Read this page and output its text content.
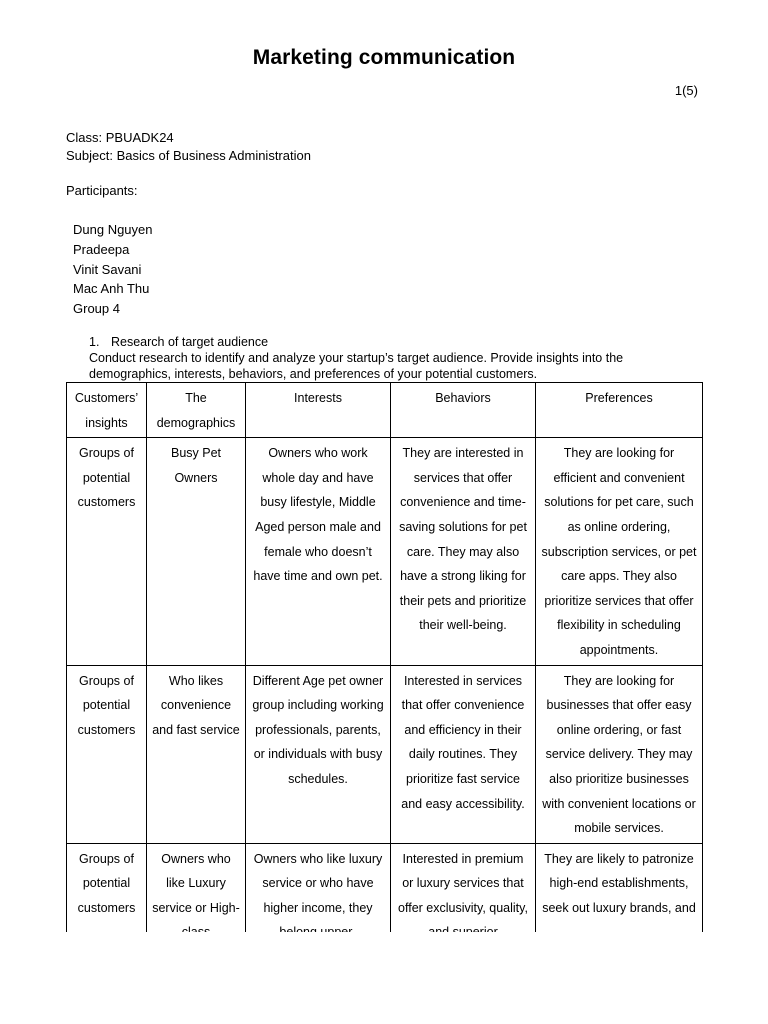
Marketing communication
1(5)
Class: PBUADK24
Subject: Basics of Business Administration
Participants:
Dung Nguyen
Pradeepa
Vinit Savani
Mac Anh Thu
Group 4
1. Research of target audience
Conduct research to identify and analyze your startup’s target audience. Provide insights into the demographics, interests, behaviors, and preferences of your potential customers.
Customers’ insights	The demographics	Interests	Behaviors	Preferences
Groups of potential customers	Busy Pet Owners	Owners who work whole day and have busy lifestyle, Middle Aged person male and female who doesn’t have time and own pet.	They are interested in services that offer convenience and time-saving solutions for pet care. They may also have a strong liking for their pets and prioritize their well-being.	They are looking for efficient and convenient solutions for pet care, such as online ordering, subscription services, or pet care apps. They also prioritize services that offer flexibility in scheduling appointments.
Groups of potential customers	Who likes convenience and fast service	Different Age pet owner group including working professionals, parents, or individuals with busy schedules.	Interested in services that offer convenience and efficiency in their daily routines. They prioritize fast service and easy accessibility.	They are looking for businesses that offer easy online ordering, or fast service delivery. They may also prioritize businesses with convenient locations or mobile services.
Groups of potential customers	Owners who like Luxury service or High-	Owners who like luxury service or who have higher income, they	Interested in premium or luxury services that offer exclusivity, quality,	They are likely to patronize high-end establishments, seek out luxury brands, and
